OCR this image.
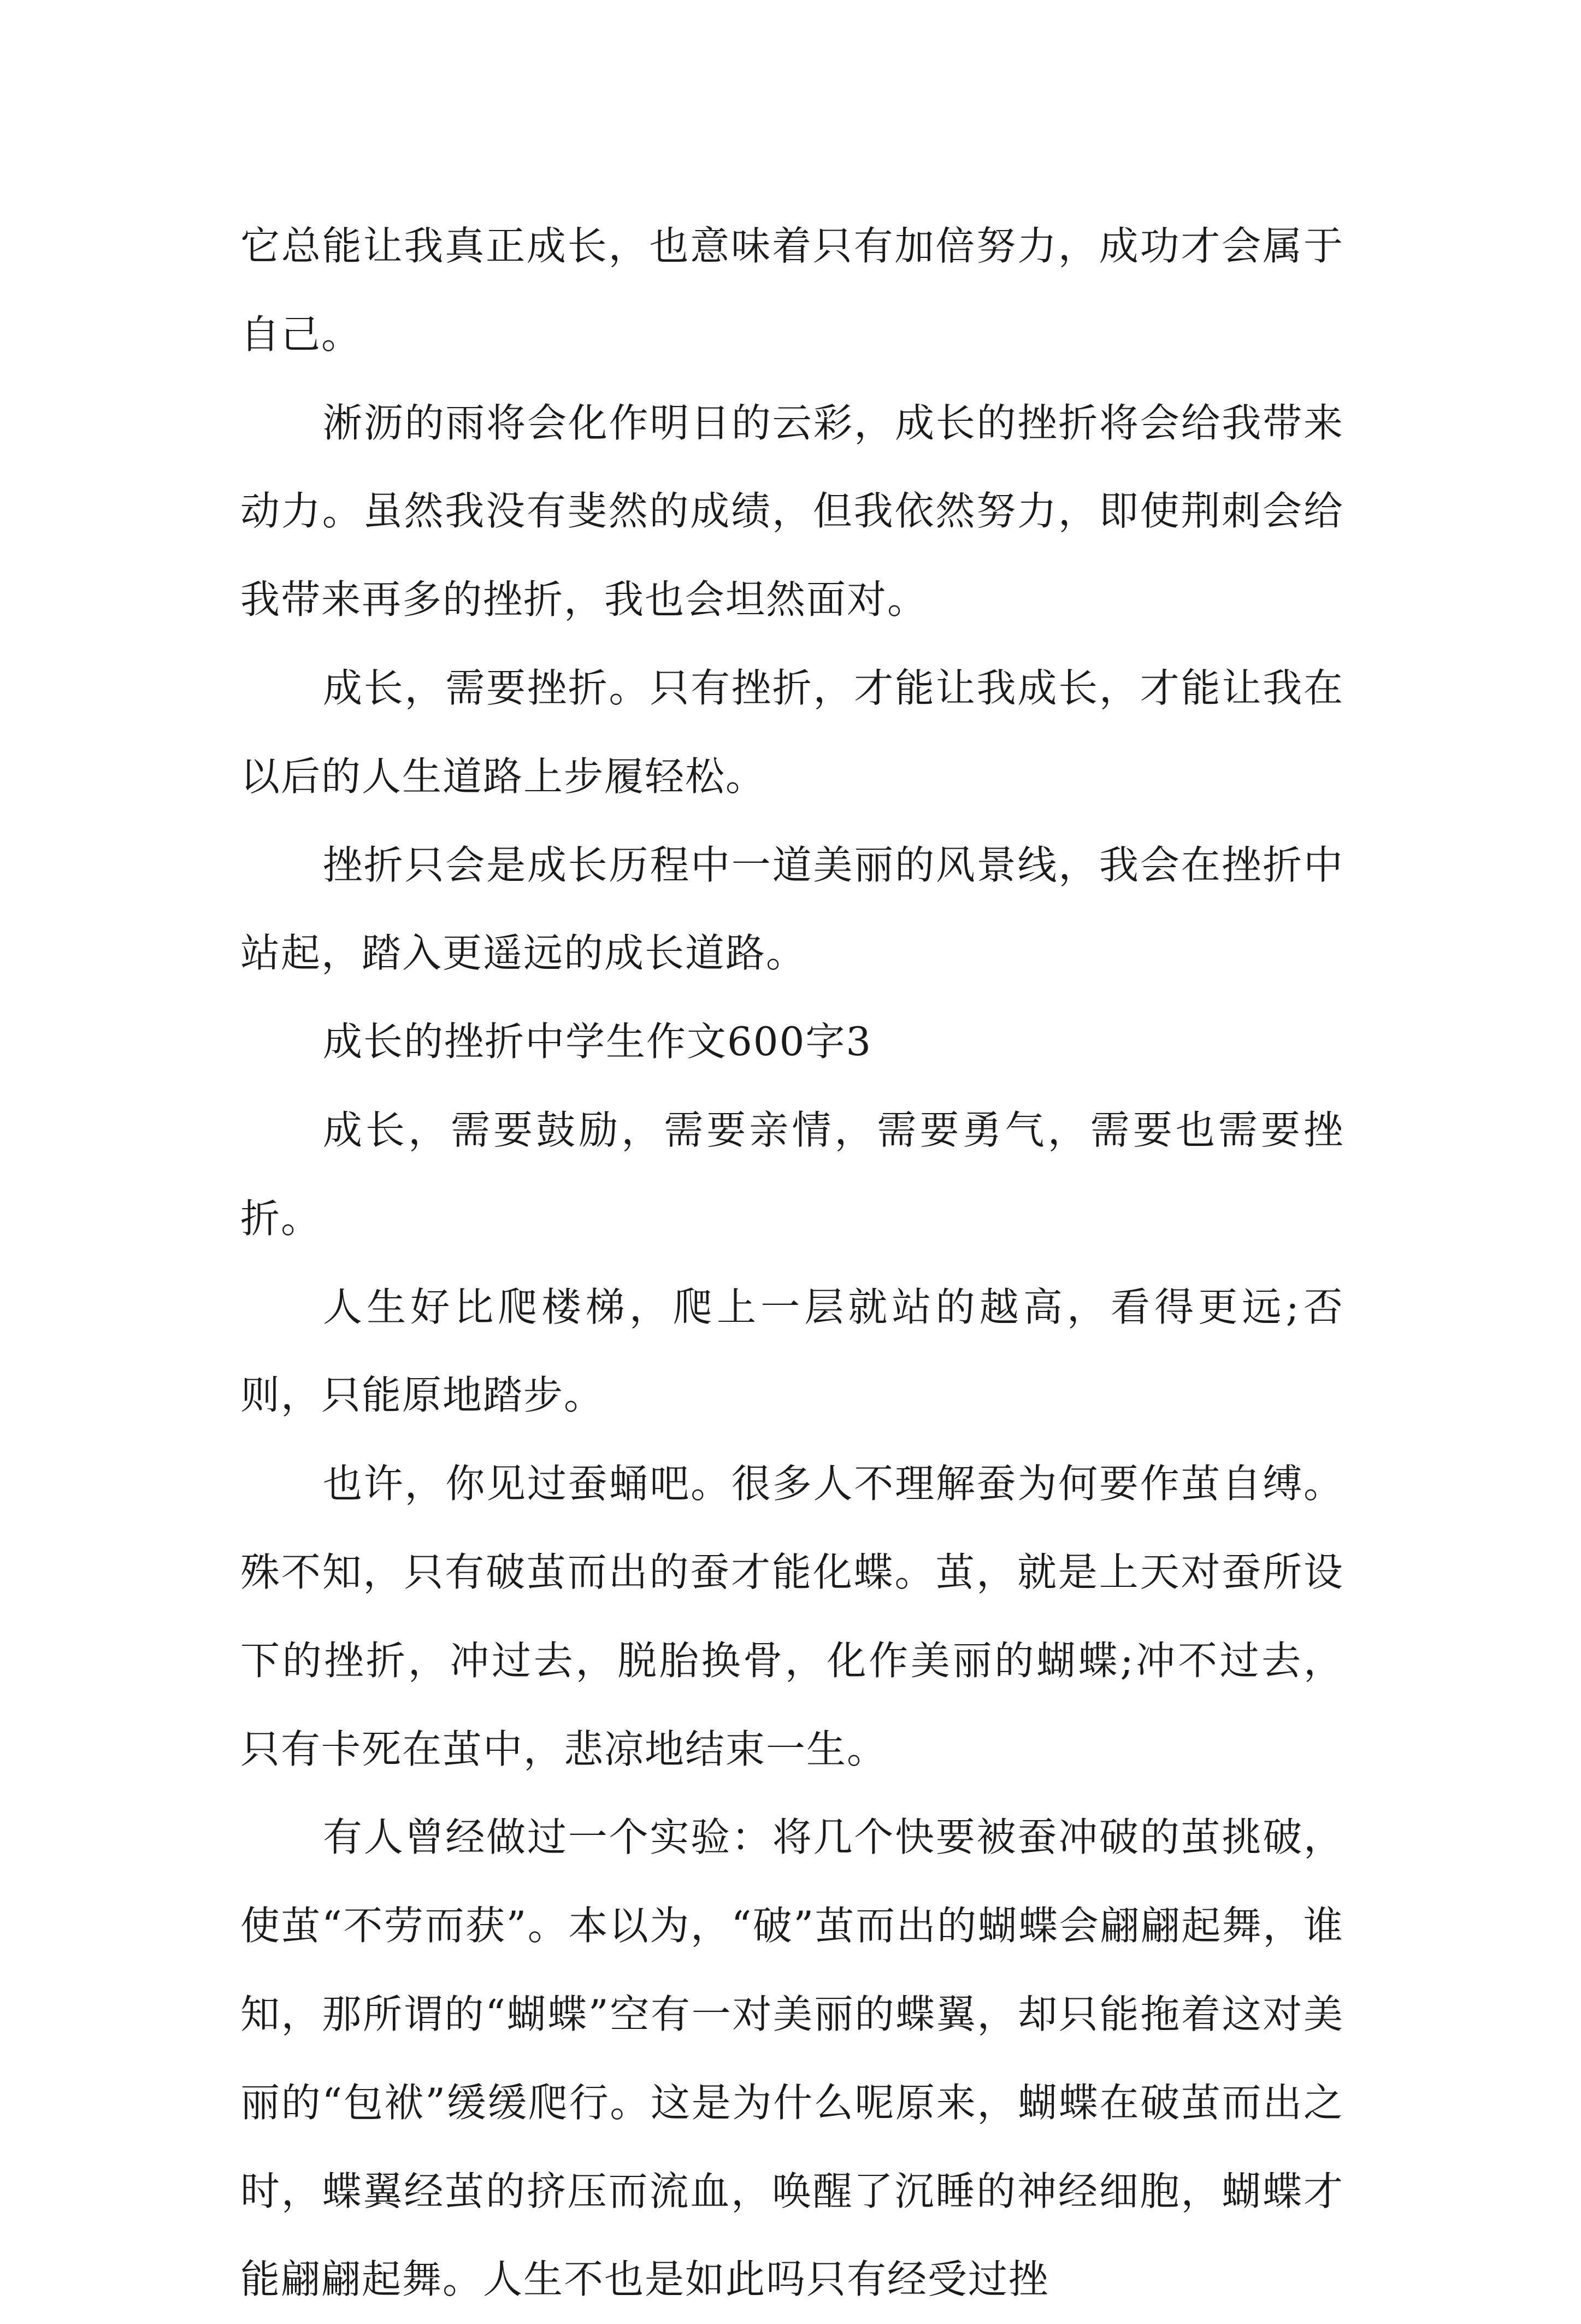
它总能让我真正成长，也意味着只有加倍努力，成功才会属于自己。

淅沥的雨将会化作明日的云彩，成长的挫折将会给我带来动力。虽然我没有斐然的成绩，但我依然努力，即使荆刺会给我带来再多的挫折，我也会坦然面对。

成长，需要挫折。只有挫折，才能让我成长，才能让我在以后的人生道路上步履轻松。

挫折只会是成长历程中一道美丽的风景线，我会在挫折中站起，踏入更遥远的成长道路。

成长的挫折中学生作文600字3

成长，需要鼓励，需要亲情，需要勇气，需要也需要挫折。

人生好比爬楼梯，爬上一层就站的越高，看得更远;否则，只能原地踏步。

也许，你见过蚕蛹吧。很多人不理解蚕为何要作茧自缚。殊不知，只有破茧而出的蚕才能化蝶。茧，就是上天对蚕所设下的挫折，冲过去，脱胎换骨，化作美丽的蝴蝶;冲不过去，只有卡死在茧中，悲凉地结束一生。

有人曾经做过一个实验：将几个快要被蚕冲破的茧挑破，使茧“不劳而获”。本以为，“破”茧而出的蝴蝶会翩翩起舞，谁知，那所谓的“蝴蝶”空有一对美丽的蝶翼，却只能拖着这对美丽的“包袱”缓缓爬行。这是为什么呢原来，蝴蝶在破茧而出之时，蝶翼经茧的挤压而流血，唤醒了沉睡的神经细胞，蝴蝶才能翩翩起舞。人生不也是如此吗只有经受过挫
